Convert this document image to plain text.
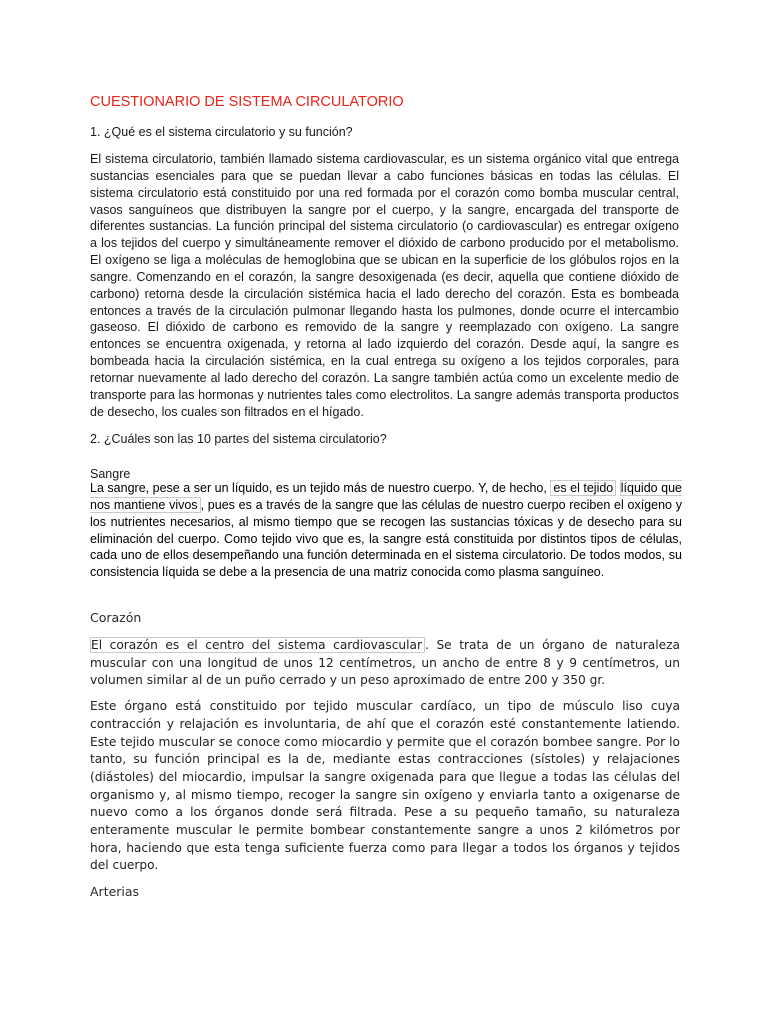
CUESTIONARIO DE SISTEMA CIRCULATORIO

1. ¿Qué es el sistema circulatorio y su función?

El sistema circulatorio, también llamado sistema cardiovascular, es un sistema orgánico vital que entrega sustancias esenciales para que se puedan llevar a cabo funciones básicas en todas las células. El sistema circulatorio está constituido por una red formada por el corazón como bomba muscular central, vasos sanguíneos que distribuyen la sangre por el cuerpo, y la sangre, encargada del transporte de diferentes sustancias. La función principal del sistema circulatorio (o cardiovascular) es entregar oxígeno a los tejidos del cuerpo y simultáneamente remover el dióxido de carbono producido por el metabolismo. El oxígeno se liga a moléculas de hemoglobina que se ubican en la superficie de los glóbulos rojos en la sangre. Comenzando en el corazón, la sangre desoxigenada (es decir, aquella que contiene dióxido de carbono) retorna desde la circulación sistémica hacia el lado derecho del corazón. Esta es bombeada entonces a través de la circulación pulmonar llegando hasta los pulmones, donde ocurre el intercambio gaseoso. El dióxido de carbono es removido de la sangre y reemplazado con oxígeno. La sangre entonces se encuentra oxigenada, y retorna al lado izquierdo del corazón. Desde aquí, la sangre es bombeada hacia la circulación sistémica, en la cual entrega su oxígeno a los tejidos corporales, para retornar nuevamente al lado derecho del corazón. La sangre también actúa como un excelente medio de transporte para las hormonas y nutrientes tales como electrolitos. La sangre además transporta productos de desecho, los cuales son filtrados en el hígado.

2. ¿Cuáles son las 10 partes del sistema circulatorio?

Sangre

La sangre, pese a ser un líquido, es un tejido más de nuestro cuerpo. Y, de hecho, es el tejido líquido que nos mantiene vivos , pues es a través de la sangre que las células de nuestro cuerpo reciben el oxígeno y los nutrientes necesarios, al mismo tiempo que se recogen las sustancias tóxicas y de desecho para su eliminación del cuerpo. Como tejido vivo que es, la sangre está constituida por distintos tipos de células, cada uno de ellos desempeñando una función determinada en el sistema circulatorio. De todos modos, su consistencia líquida se debe a la presencia de una matriz conocida como plasma sanguíneo.

Corazón

El corazón es el centro del sistema cardiovascular . Se trata de un órgano de naturaleza muscular con una longitud de unos 12 centímetros, un ancho de entre 8 y 9 centímetros, un volumen similar al de un puño cerrado y un peso aproximado de entre 200 y 350 gr.

Este órgano está constituido por tejido muscular cardíaco, un tipo de músculo liso cuya contracción y relajación es involuntaria, de ahí que el corazón esté constantemente latiendo. Este tejido muscular se conoce como miocardio y permite que el corazón bombee sangre. Por lo tanto, su función principal es la de, mediante estas contracciones (sístoles) y relajaciones (diástoles) del miocardio, impulsar la sangre oxigenada para que llegue a todas las células del organismo y, al mismo tiempo, recoger la sangre sin oxígeno y enviarla tanto a oxigenarse de nuevo como a los órganos donde será filtrada. Pese a su pequeño tamaño, su naturaleza enteramente muscular le permite bombear constantemente sangre a unos 2 kilómetros por hora, haciendo que esta tenga suficiente fuerza como para llegar a todos los órganos y tejidos del cuerpo.

Arterias
